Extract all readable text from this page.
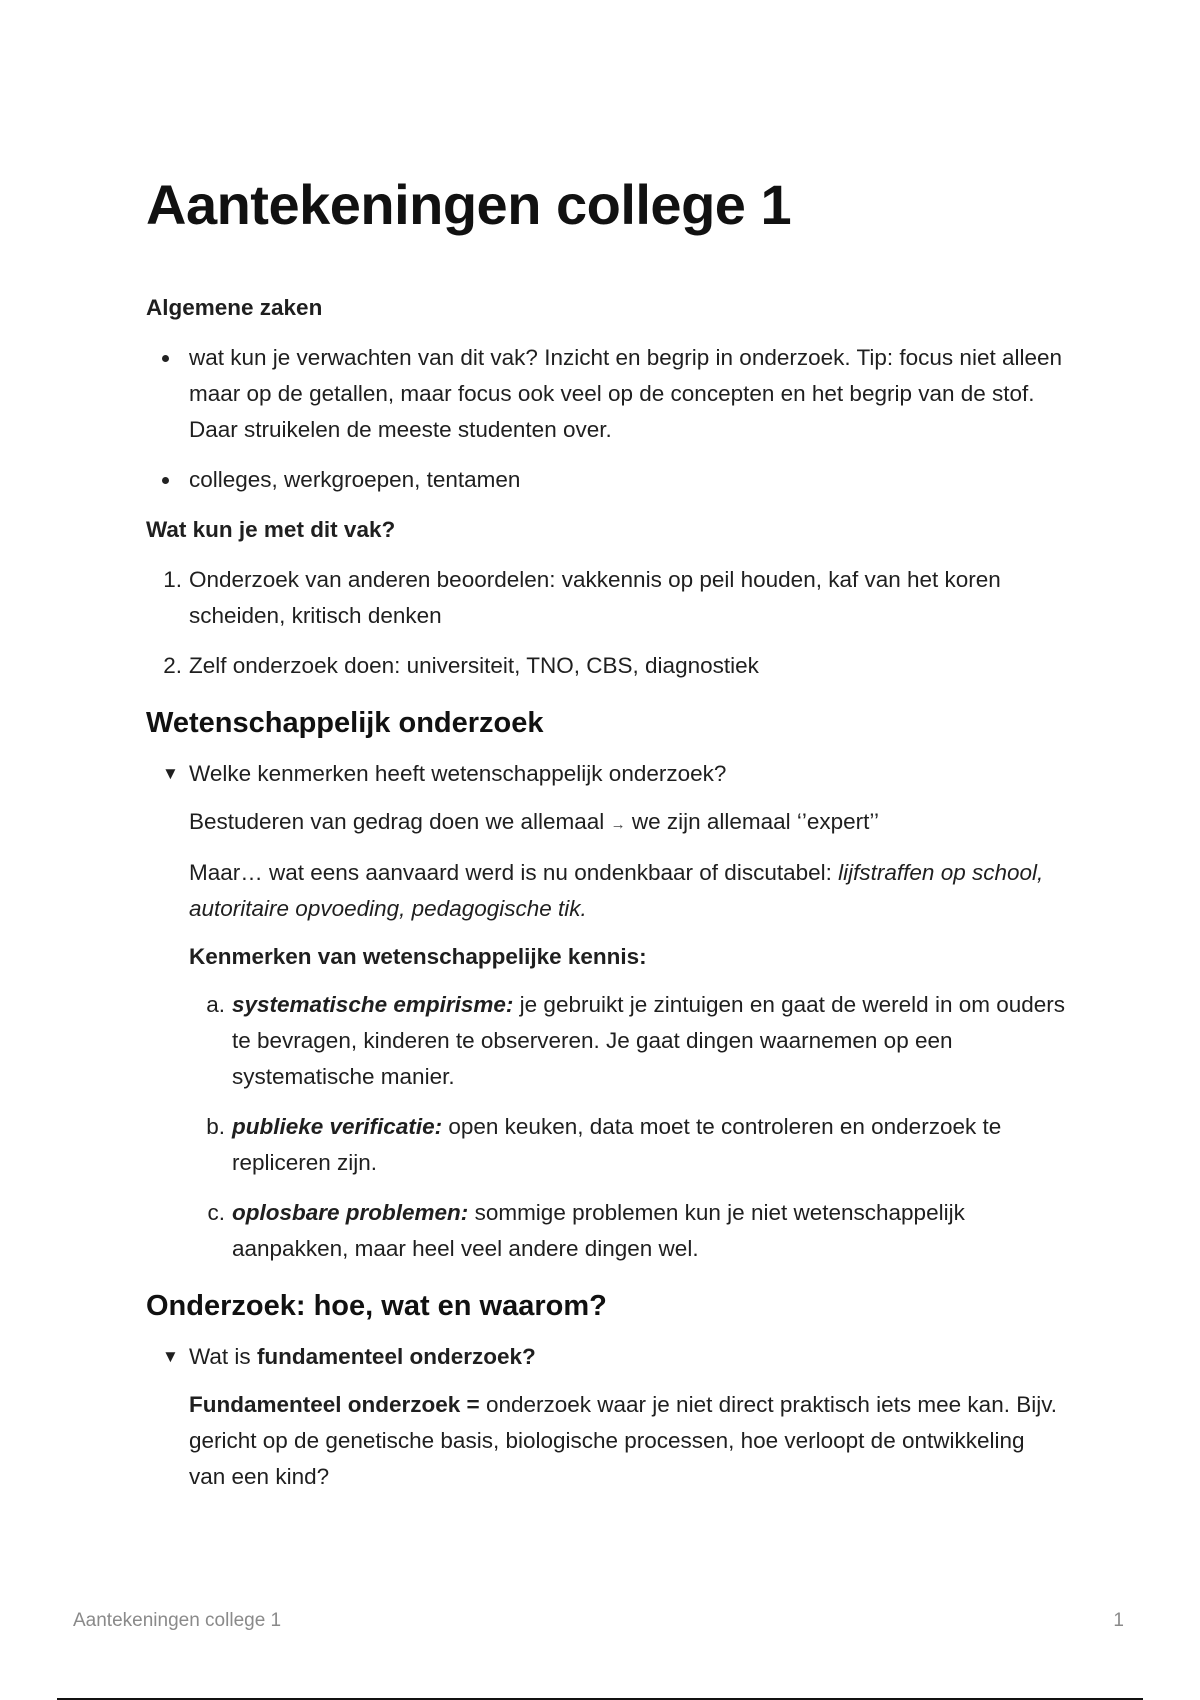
Aantekeningen college 1
Algemene zaken
wat kun je verwachten van dit vak? Inzicht en begrip in onderzoek. Tip: focus niet alleen maar op de getallen, maar focus ook veel op de concepten en het begrip van de stof. Daar struikelen de meeste studenten over.
colleges, werkgroepen, tentamen
Wat kun je met dit vak?
1. Onderzoek van anderen beoordelen: vakkennis op peil houden, kaf van het koren scheiden, kritisch denken
2. Zelf onderzoek doen: universiteit, TNO, CBS, diagnostiek
Wetenschappelijk onderzoek
▼ Welke kenmerken heeft wetenschappelijk onderzoek?

Bestuderen van gedrag doen we allemaal → we zijn allemaal ‘’expert’’

Maar… wat eens aanvaard werd is nu ondenkbaar of discutabel: lijfstraffen op school, autoritaire opvoeding, pedagogische tik.

Kenmerken van wetenschappelijke kennis:

a. systematische empirisme: je gebruikt je zintuigen en gaat de wereld in om ouders te bevragen, kinderen te observeren. Je gaat dingen waarnemen op een systematische manier.
b. publieke verificatie: open keuken, data moet te controleren en onderzoek te repliceren zijn.
c. oplosbare problemen: sommige problemen kun je niet wetenschappelijk aanpakken, maar heel veel andere dingen wel.
Onderzoek: hoe, wat en waarom?
▼ Wat is fundamenteel onderzoek?

Fundamenteel onderzoek = onderzoek waar je niet direct praktisch iets mee kan. Bijv. gericht op de genetische basis, biologische processen, hoe verloopt de ontwikkeling van een kind?

Aantekeningen college 1	1
